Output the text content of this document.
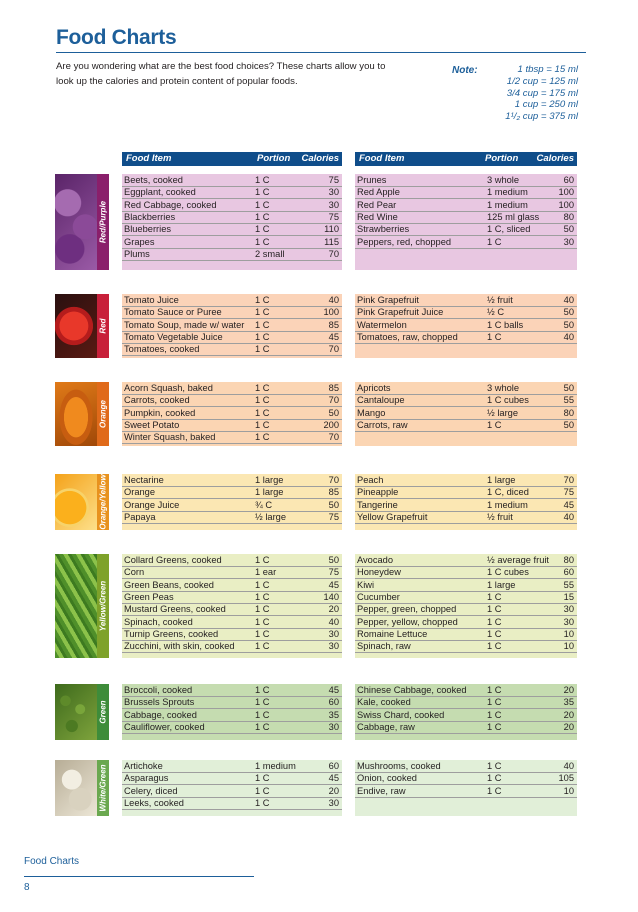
Food Charts
Are you wondering what are the best food choices? These charts allow you to look up the calories and protein content of popular foods.
Note:	1 tbsp = 15 ml
1/2 cup = 125 ml
3/4 cup = 175 ml
1 cup = 250 ml
1¹/₂ cup = 375 ml
Food Item	Portion Calories Food Item	Portion Calories
Red/Purple
Beets, cooked	1 C	75
Eggplant, cooked	1 C	30
Red Cabbage, cooked	1 C	30
Blackberries	1 C	75
Blueberries	1 C	110
Grapes	1 C	115
Plums	2 small	70
Prunes	3 whole	60
Red Apple	1 medium	100
Red Pear	1 medium	100
Red Wine	125 ml glass	80
Strawberries	1 C, sliced	50
Peppers, red, chopped	1 C	30
Red
Tomato Juice	1 C	40
Tomato Sauce or Puree	1 C	100
Tomato Soup, made w/ water 1 C	85
Tomato Vegetable Juice	1 C	45
Tomatoes, cooked	1 C	70
Pink Grapefruit	½ fruit	40
Pink Grapefruit Juice	½ C	50
Watermelon	1 C balls	50
Tomatoes, raw, chopped	1 C	40
Orange
Acorn Squash, baked	1 C	85
Carrots, cooked	1 C	70
Pumpkin, cooked	1 C	50
Sweet Potato	1 C	200
Winter Squash, baked	1 C	70
Apricots	3 whole	50
Cantaloupe	1 C cubes	55
Mango	½ large	80
Carrots, raw	1 C	50
Orange/Yellow Nectarine	1 large	70
Orange	1 large	85
Orange Juice	¾ C	50
Papaya	½ large	75
Peach	1 large	70
Pineapple	1 C, diced	75
Tangerine	1 medium	45
Yellow Grapefruit	½ fruit	40
Yellow/Green
Collard Greens, cooked	1 C	50
Corn	1 ear	75
Green Beans, cooked	1 C	45
Green Peas	1 C	140
Mustard Greens, cooked	1 C	20
Spinach, cooked	1 C	40
Turnip Greens, cooked	1 C	30
Zucchini, with skin, cooked 1 C	30
Avocado	½ average fruit 80
Honeydew	1 C cubes	60
Kiwi	1 large	55
Cucumber	1 C	15
Pepper, green, chopped	1 C	30
Pepper, yellow, chopped	1 C	30
Romaine Lettuce	1 C	10
Spinach, raw	1 C	10
Green
Broccoli, cooked	1 C	45
Brussels Sprouts	1 C	60
Cabbage, cooked	1 C	35
Cauliflower, cooked	1 C	30
Chinese Cabbage, cooked 1 C	20
Kale, cooked	1 C	35
Swiss Chard, cooked	1 C	20
Cabbage, raw	1 C	20
White/Green Artichoke	1 medium	60
Asparagus	1 C	45
Celery, diced	1 C	20
Leeks, cooked	1 C	30
Mushrooms, cooked	1 C	40
Onion, cooked	1 C	105
Endive, raw	1 C	10
Food Charts
8
